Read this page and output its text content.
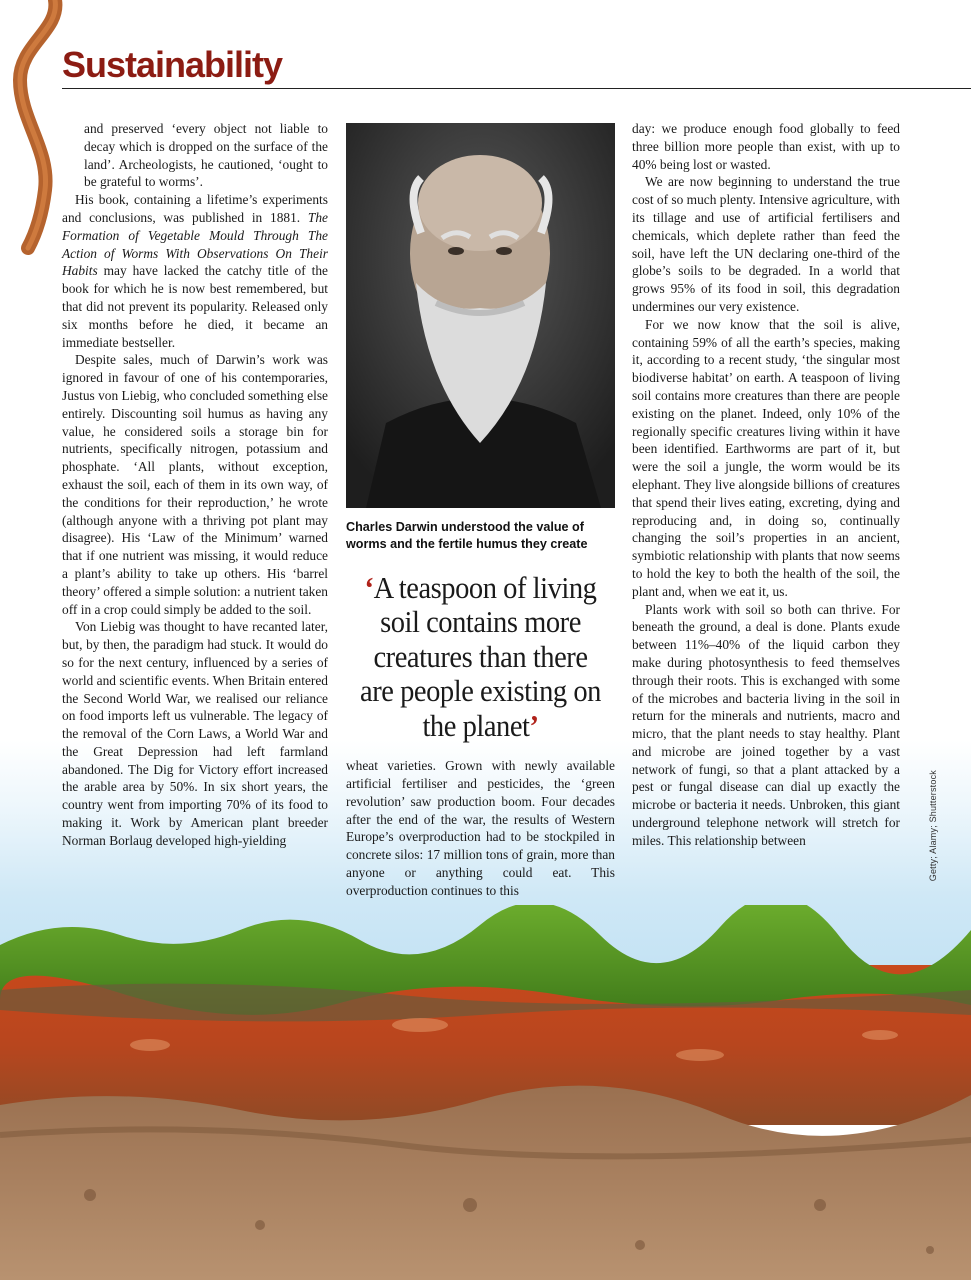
Sustainability

and preserved ‘every object not liable to decay which is dropped on the surface of the land’. Archeologists, he cautioned, ‘ought to be grateful to worms’.

His book, containing a lifetime’s experiments and conclusions, was published in 1881. The Formation of Vegetable Mould Through The Action of Worms With Observations On Their Habits may have lacked the catchy title of the book for which he is now best remembered, but that did not prevent its popularity. Released only six months before he died, it became an immediate bestseller.

Despite sales, much of Darwin’s work was ignored in favour of one of his contemporaries, Justus von Liebig, who concluded something else entirely. Discounting soil humus as having any value, he considered soils a storage bin for nutrients, specifically nitrogen, potassium and phosphate. ‘All plants, without exception, exhaust the soil, each of them in its own way, of the conditions for their reproduction,’ he wrote (although anyone with a thriving pot plant may disagree). His ‘Law of the Minimum’ warned that if one nutrient was missing, it would reduce a plant’s ability to take up others. His ‘barrel theory’ offered a simple solution: a nutrient taken off in a crop could simply be added to the soil.

Von Liebig was thought to have recanted later, but, by then, the paradigm had stuck. It would do so for the next century, influenced by a series of world and scientific events. When Britain entered the Second World War, we realised our reliance on food imports left us vulnerable. The legacy of the removal of the Corn Laws, a World War and the Great Depression had left farmland abandoned. The Dig for Victory effort increased the arable area by 50%. In six short years, the country went from importing 70% of its food to making it. Work by American plant breeder Norman Borlaug developed high-yielding

Charles Darwin understood the value of worms and the fertile humus they create
‘A teaspoon of living soil contains more creatures than there are people existing on the planet’

wheat varieties. Grown with newly available artificial fertiliser and pesticides, the ‘green revolution’ saw production boom. Four decades after the end of the war, the results of Western Europe’s overproduction had to be stockpiled in concrete silos: 17 million tons of grain, more than anyone or anything could eat. This overproduction continues to this

day: we produce enough food globally to feed three billion more people than exist, with up to 40% being lost or wasted.

We are now beginning to understand the true cost of so much plenty. Intensive agriculture, with its tillage and use of artificial fertilisers and chemicals, which deplete rather than feed the soil, have left the UN declaring one-third of the globe’s soils to be degraded. In a world that grows 95% of its food in soil, this degradation undermines our very existence.

For we now know that the soil is alive, containing 59% of all the earth’s species, making it, according to a recent study, ‘the singular most biodiverse habitat’ on earth. A teaspoon of living soil contains more creatures than there are people existing on the planet. Indeed, only 10% of the regionally specific creatures living within it have been identified. Earthworms are part of it, but were the soil a jungle, the worm would be its elephant. They live alongside billions of creatures that spend their lives eating, excreting, dying and reproducing and, in doing so, continually changing the soil’s properties in an ancient, symbiotic relationship with plants that now seems to hold the key to both the health of the soil, the plant and, when we eat it, us.

Plants work with soil so both can thrive. For beneath the ground, a deal is done. Plants exude between 11%–40% of the liquid carbon they make during photosynthesis to feed themselves through their roots. This is exchanged with some of the microbes and bacteria living in the soil in return for the minerals and nutrients, macro and micro, that the plant needs to stay healthy. Plant and microbe are joined together by a vast network of fungi, so that a plant attacked by a pest or fungal disease can dial up exactly the microbe or bacteria it needs. Unbroken, this giant underground telephone network will stretch for miles. This relationship between	Getty; Alamy; Shutterstock
